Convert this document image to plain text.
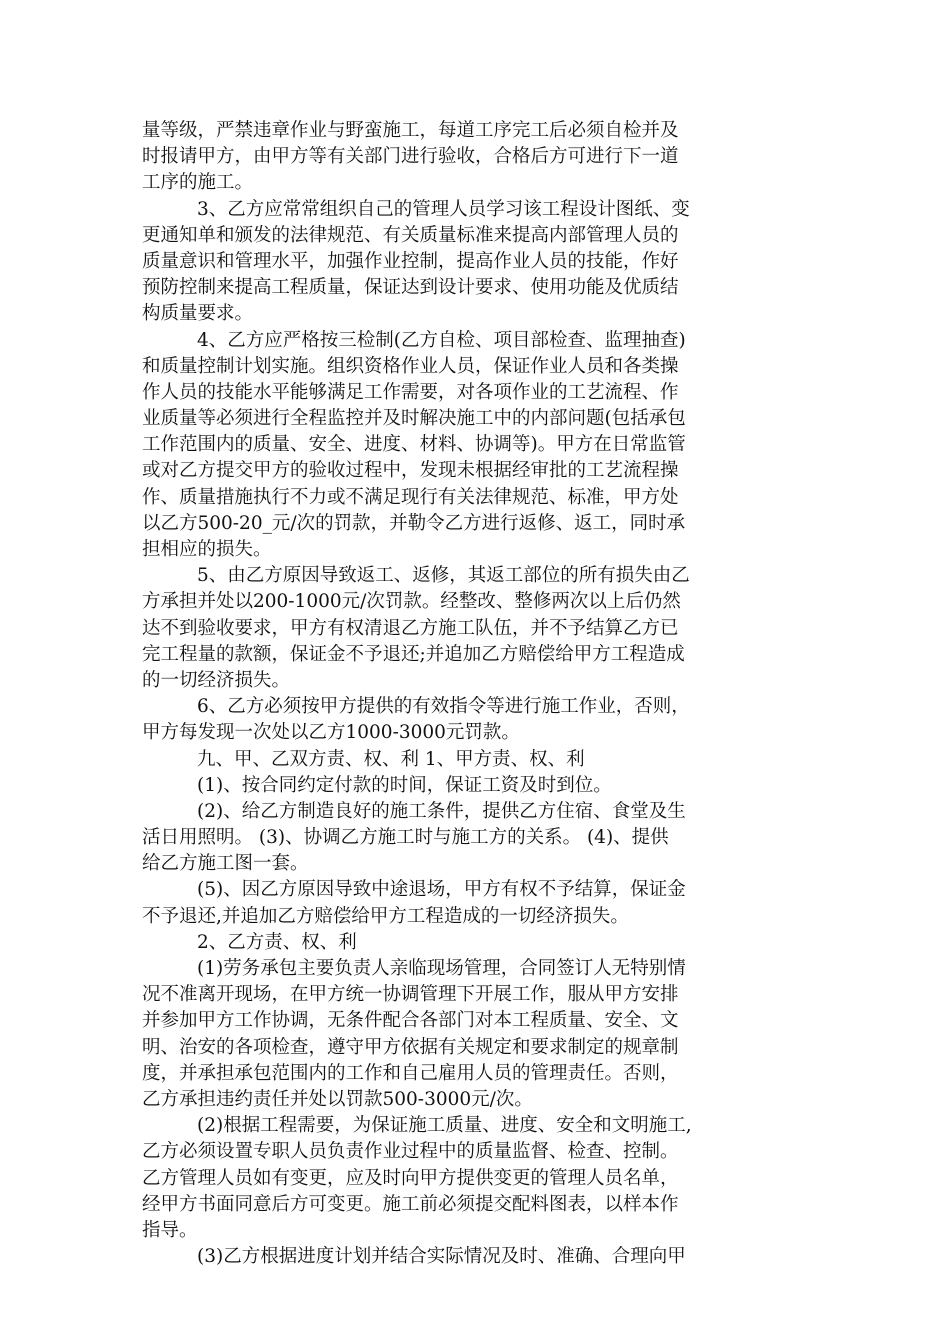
量等级，严禁违章作业与野蛮施工，每道工序完工后必须自检并及
时报请甲方，由甲方等有关部门进行验收，合格后方可进行下一道
工序的施工。
3、乙方应常常组织自己的管理人员学习该工程设计图纸、变
更通知单和颁发的法律规范、有关质量标准来提高内部管理人员的
质量意识和管理水平，加强作业控制，提高作业人员的技能，作好
预防控制来提高工程质量，保证达到设计要求、使用功能及优质结
构质量要求。
4、乙方应严格按三检制(乙方自检、项目部检查、监理抽查)
和质量控制计划实施。组织资格作业人员，保证作业人员和各类操
作人员的技能水平能够满足工作需要，对各项作业的工艺流程、作
业质量等必须进行全程监控并及时解决施工中的内部问题(包括承包
工作范围内的质量、安全、进度、材料、协调等)。甲方在日常监管
或对乙方提交甲方的验收过程中，发现未根据经审批的工艺流程操
作、质量措施执行不力或不满足现行有关法律规范、标准，甲方处
以乙方500-20_元/次的罚款，并勒令乙方进行返修、返工，同时承
担相应的损失。
5、由乙方原因导致返工、返修，其返工部位的所有损失由乙
方承担并处以200-1000元/次罚款。经整改、整修两次以上后仍然
达不到验收要求，甲方有权清退乙方施工队伍，并不予结算乙方已
完工程量的款额，保证金不予退还;并追加乙方赔偿给甲方工程造成
的一切经济损失。
6、乙方必须按甲方提供的有效指令等进行施工作业，否则，
甲方每发现一次处以乙方1000-3000元罚款。
九、甲、乙双方责、权、利 1、甲方责、权、利
(1)、按合同约定付款的时间，保证工资及时到位。
(2)、给乙方制造良好的施工条件，提供乙方住宿、食堂及生
活日用照明。 (3)、协调乙方施工时与施工方的关系。 (4)、提供
给乙方施工图一套。
(5)、因乙方原因导致中途退场，甲方有权不予结算，保证金
不予退还,并追加乙方赔偿给甲方工程造成的一切经济损失。
2、乙方责、权、利
(1)劳务承包主要负责人亲临现场管理，合同签订人无特别情
况不准离开现场，在甲方统一协调管理下开展工作，服从甲方安排
并参加甲方工作协调，无条件配合各部门对本工程质量、安全、文
明、治安的各项检查，遵守甲方依据有关规定和要求制定的规章制
度，并承担承包范围内的工作和自己雇用人员的管理责任。否则，
乙方承担违约责任并处以罚款500-3000元/次。
(2)根据工程需要，为保证施工质量、进度、安全和文明施工,
乙方必须设置专职人员负责作业过程中的质量监督、检查、控制。
乙方管理人员如有变更，应及时向甲方提供变更的管理人员名单，
经甲方书面同意后方可变更。施工前必须提交配料图表，以样本作
指导。
(3)乙方根据进度计划并结合实际情况及时、准确、合理向甲
